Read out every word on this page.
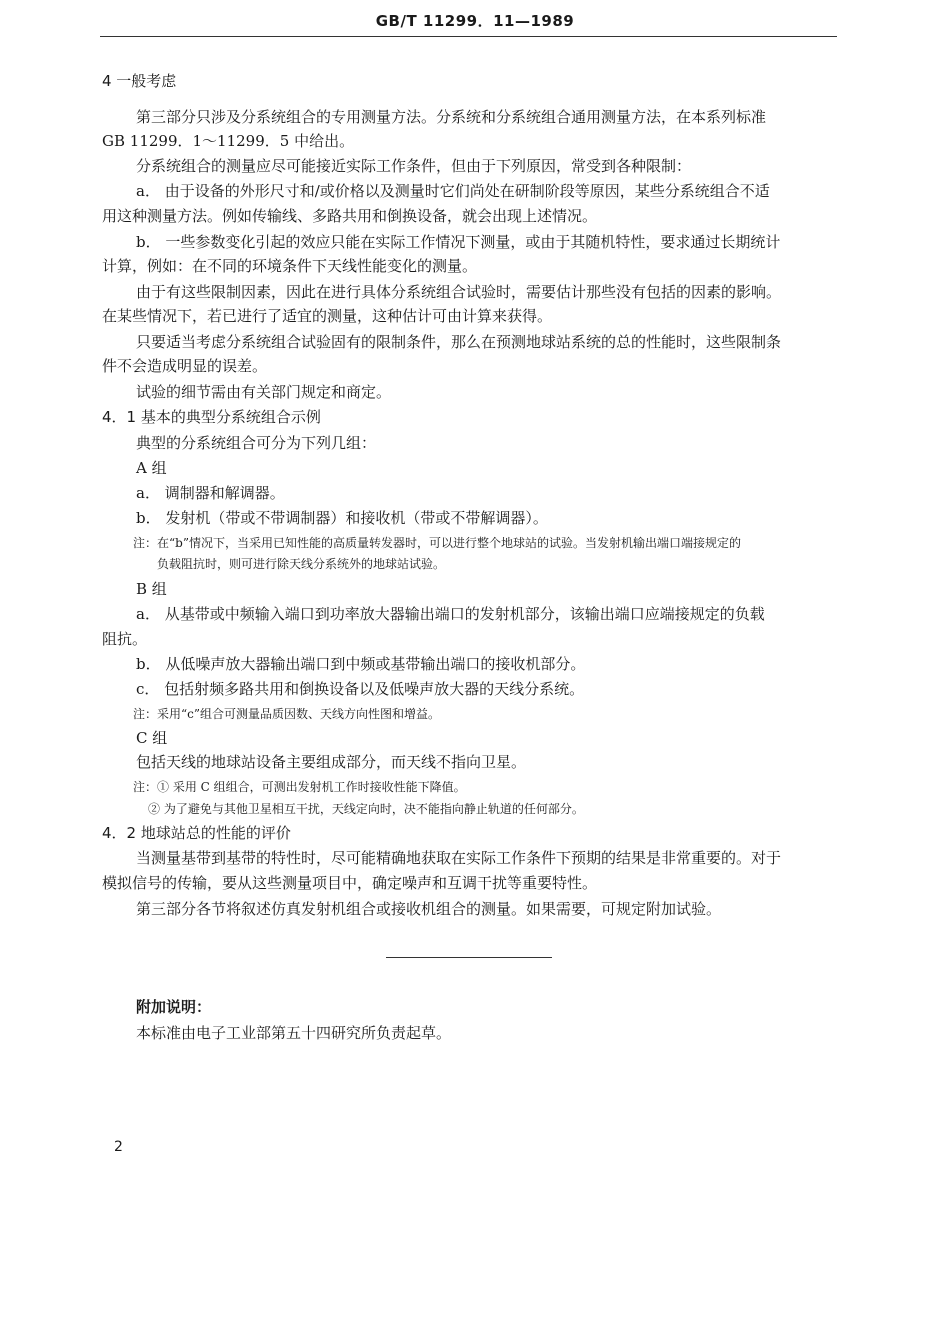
GB/T 11299．11—1989
4 一般考虑
第三部分只涉及分系统组合的专用测量方法。分系统和分系统组合通用测量方法，在本系列标准
GB 11299．1～11299．5 中给出。
分系统组合的测量应尽可能接近实际工作条件，但由于下列原因，常受到各种限制：
a． 由于设备的外形尺寸和/或价格以及测量时它们尚处在研制阶段等原因，某些分系统组合不适
用这种测量方法。例如传输线、多路共用和倒换设备，就会出现上述情况。
b． 一些参数变化引起的效应只能在实际工作情况下测量，或由于其随机特性，要求通过长期统计
计算，例如：在不同的环境条件下天线性能变化的测量。
由于有这些限制因素，因此在进行具体分系统组合试验时，需要估计那些没有包括的因素的影响。
在某些情况下，若已进行了适宜的测量，这种估计可由计算来获得。
只要适当考虑分系统组合试验固有的限制条件，那么在预测地球站系统的总的性能时，这些限制条
件不会造成明显的误差。
试验的细节需由有关部门规定和商定。
4．1 基本的典型分系统组合示例
典型的分系统组合可分为下列几组：
A 组
a． 调制器和解调器。
b． 发射机（带或不带调制器）和接收机（带或不带解调器）。
注：在“b”情况下，当采用已知性能的高质量转发器时，可以进行整个地球站的试验。当发射机输出端口端接规定的
负载阻抗时，则可进行除天线分系统外的地球站试验。
B 组
a． 从基带或中频输入端口到功率放大器输出端口的发射机部分，该输出端口应端接规定的负载
阻抗。
b． 从低噪声放大器输出端口到中频或基带输出端口的接收机部分。
c． 包括射频多路共用和倒换设备以及低噪声放大器的天线分系统。
注：采用“c”组合可测量品质因数、天线方向性图和增益。
C 组
包括天线的地球站设备主要组成部分，而天线不指向卫星。
注：① 采用 C 组组合，可测出发射机工作时接收性能下降值。
② 为了避免与其他卫星相互干扰，天线定向时，决不能指向静止轨道的任何部分。
4．2 地球站总的性能的评价
当测量基带到基带的特性时，尽可能精确地获取在实际工作条件下预期的结果是非常重要的。对于
模拟信号的传输，要从这些测量项目中，确定噪声和互调干扰等重要特性。
第三部分各节将叙述仿真发射机组合或接收机组合的测量。如果需要，可规定附加试验。
附加说明：
本标准由电子工业部第五十四研究所负责起草。
2
